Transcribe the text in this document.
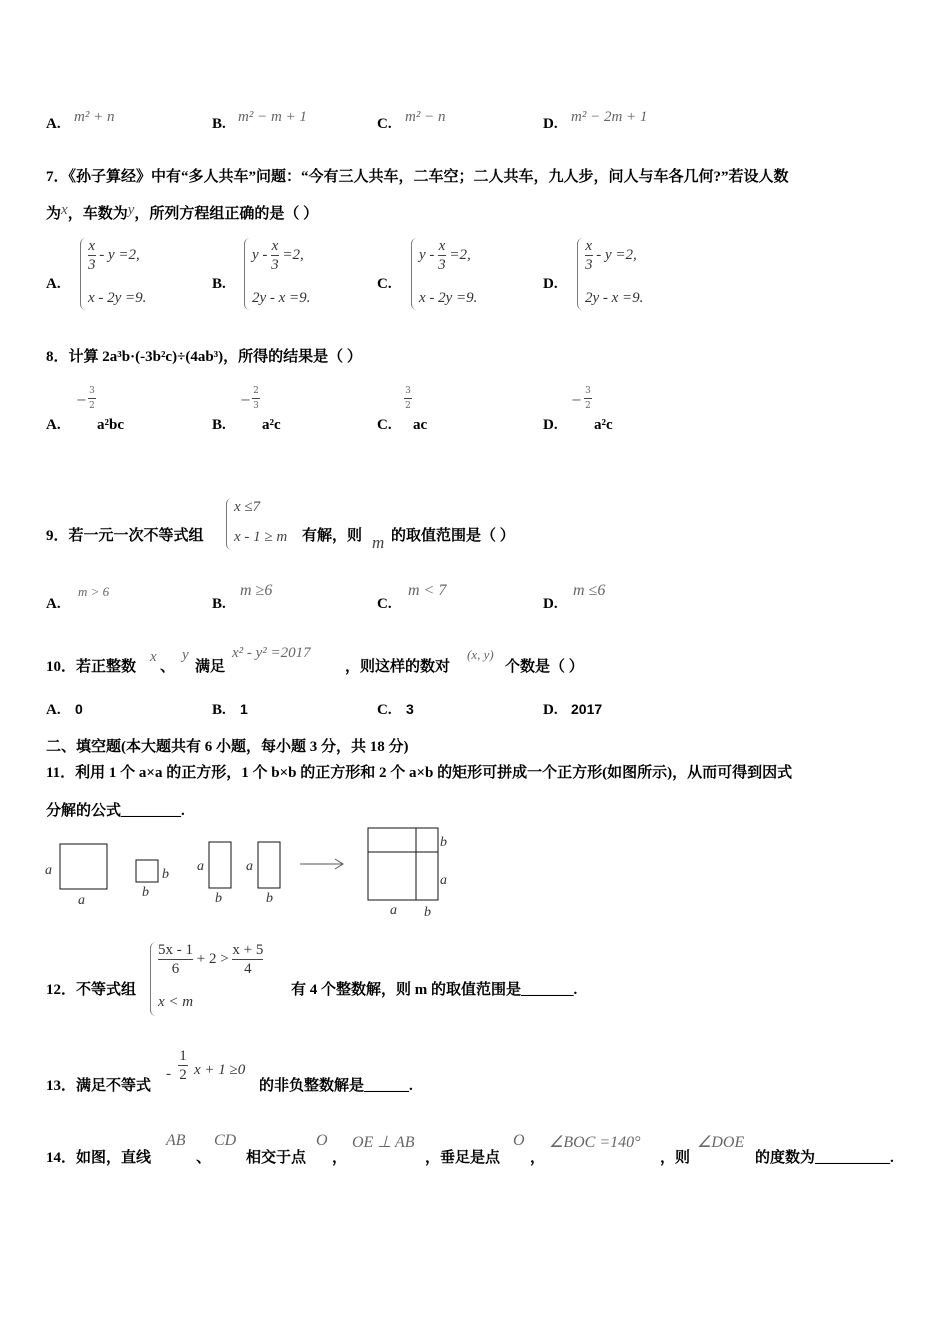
A. m² + n	B. m² − m + 1	C. m² − n	D. m² − 2m + 1
7．《孙子算经》中有“多人共车”问题：“今有三人共车，二车空；二人共车，九人步，问人与车各几何?”若设人数
为x，车数为y，所列方程组正确的是（ ）
A.
$\frac{x}{3} - y =2$,
x - 2y =9.
B.
$y - \frac{x}{3} =2$,
2y - x =9.
C.
$y - \frac{x}{3} =2$,
x - 2y =9.
D.
$\frac{x}{3} - y =2$,
2y - x =9.
8．计算 2a³b·(-3b²c)÷(4ab³)，所得的结果是（ ）
A.
−
3
2
a²bc	B.
−
2
3
a²c	C.
3
2
ac	D.
−
3
2
a²c
9．若一元一次不等式组
x ≤7
x - 1 ≥ m 有解，则 m 的取值范围是（ ）
A.
m > 6
B.
m ≥6
C.
m < 7
D.
m ≤6
10．若正整数
x
、
y
满足
x² - y² =2017
，则这样的数对
(x, y)
个数是（ ）
A. 0	B. 1	C. 3	D. 2017
二、填空题(本大题共有 6 小题，每小题 3 分，共 18 分)
11．利用 1 个 a×a 的正方形，1 个 b×b 的正方形和 2 个 a×b 的矩形可拼成一个正方形(如图所示)，从而可得到因式
分解的公式________.
a
a
b
b
a
b
a
b
b
a
a b
12．不等式组
$\frac{5x - 1}{6} + 2 > \frac{x + 5}{4}$
x < m
有 4 个整数解，则 m 的取值范围是_______.
13．满足不等式
-
1
2 x + 1 ≥0
的非负整数解是______.
14．如图，直线
AB
、
CD
相交于点
O
，
OE ⊥ AB
，垂足是点
O
，
∠BOC =140°
，则
∠DOE
的度数为__________.
